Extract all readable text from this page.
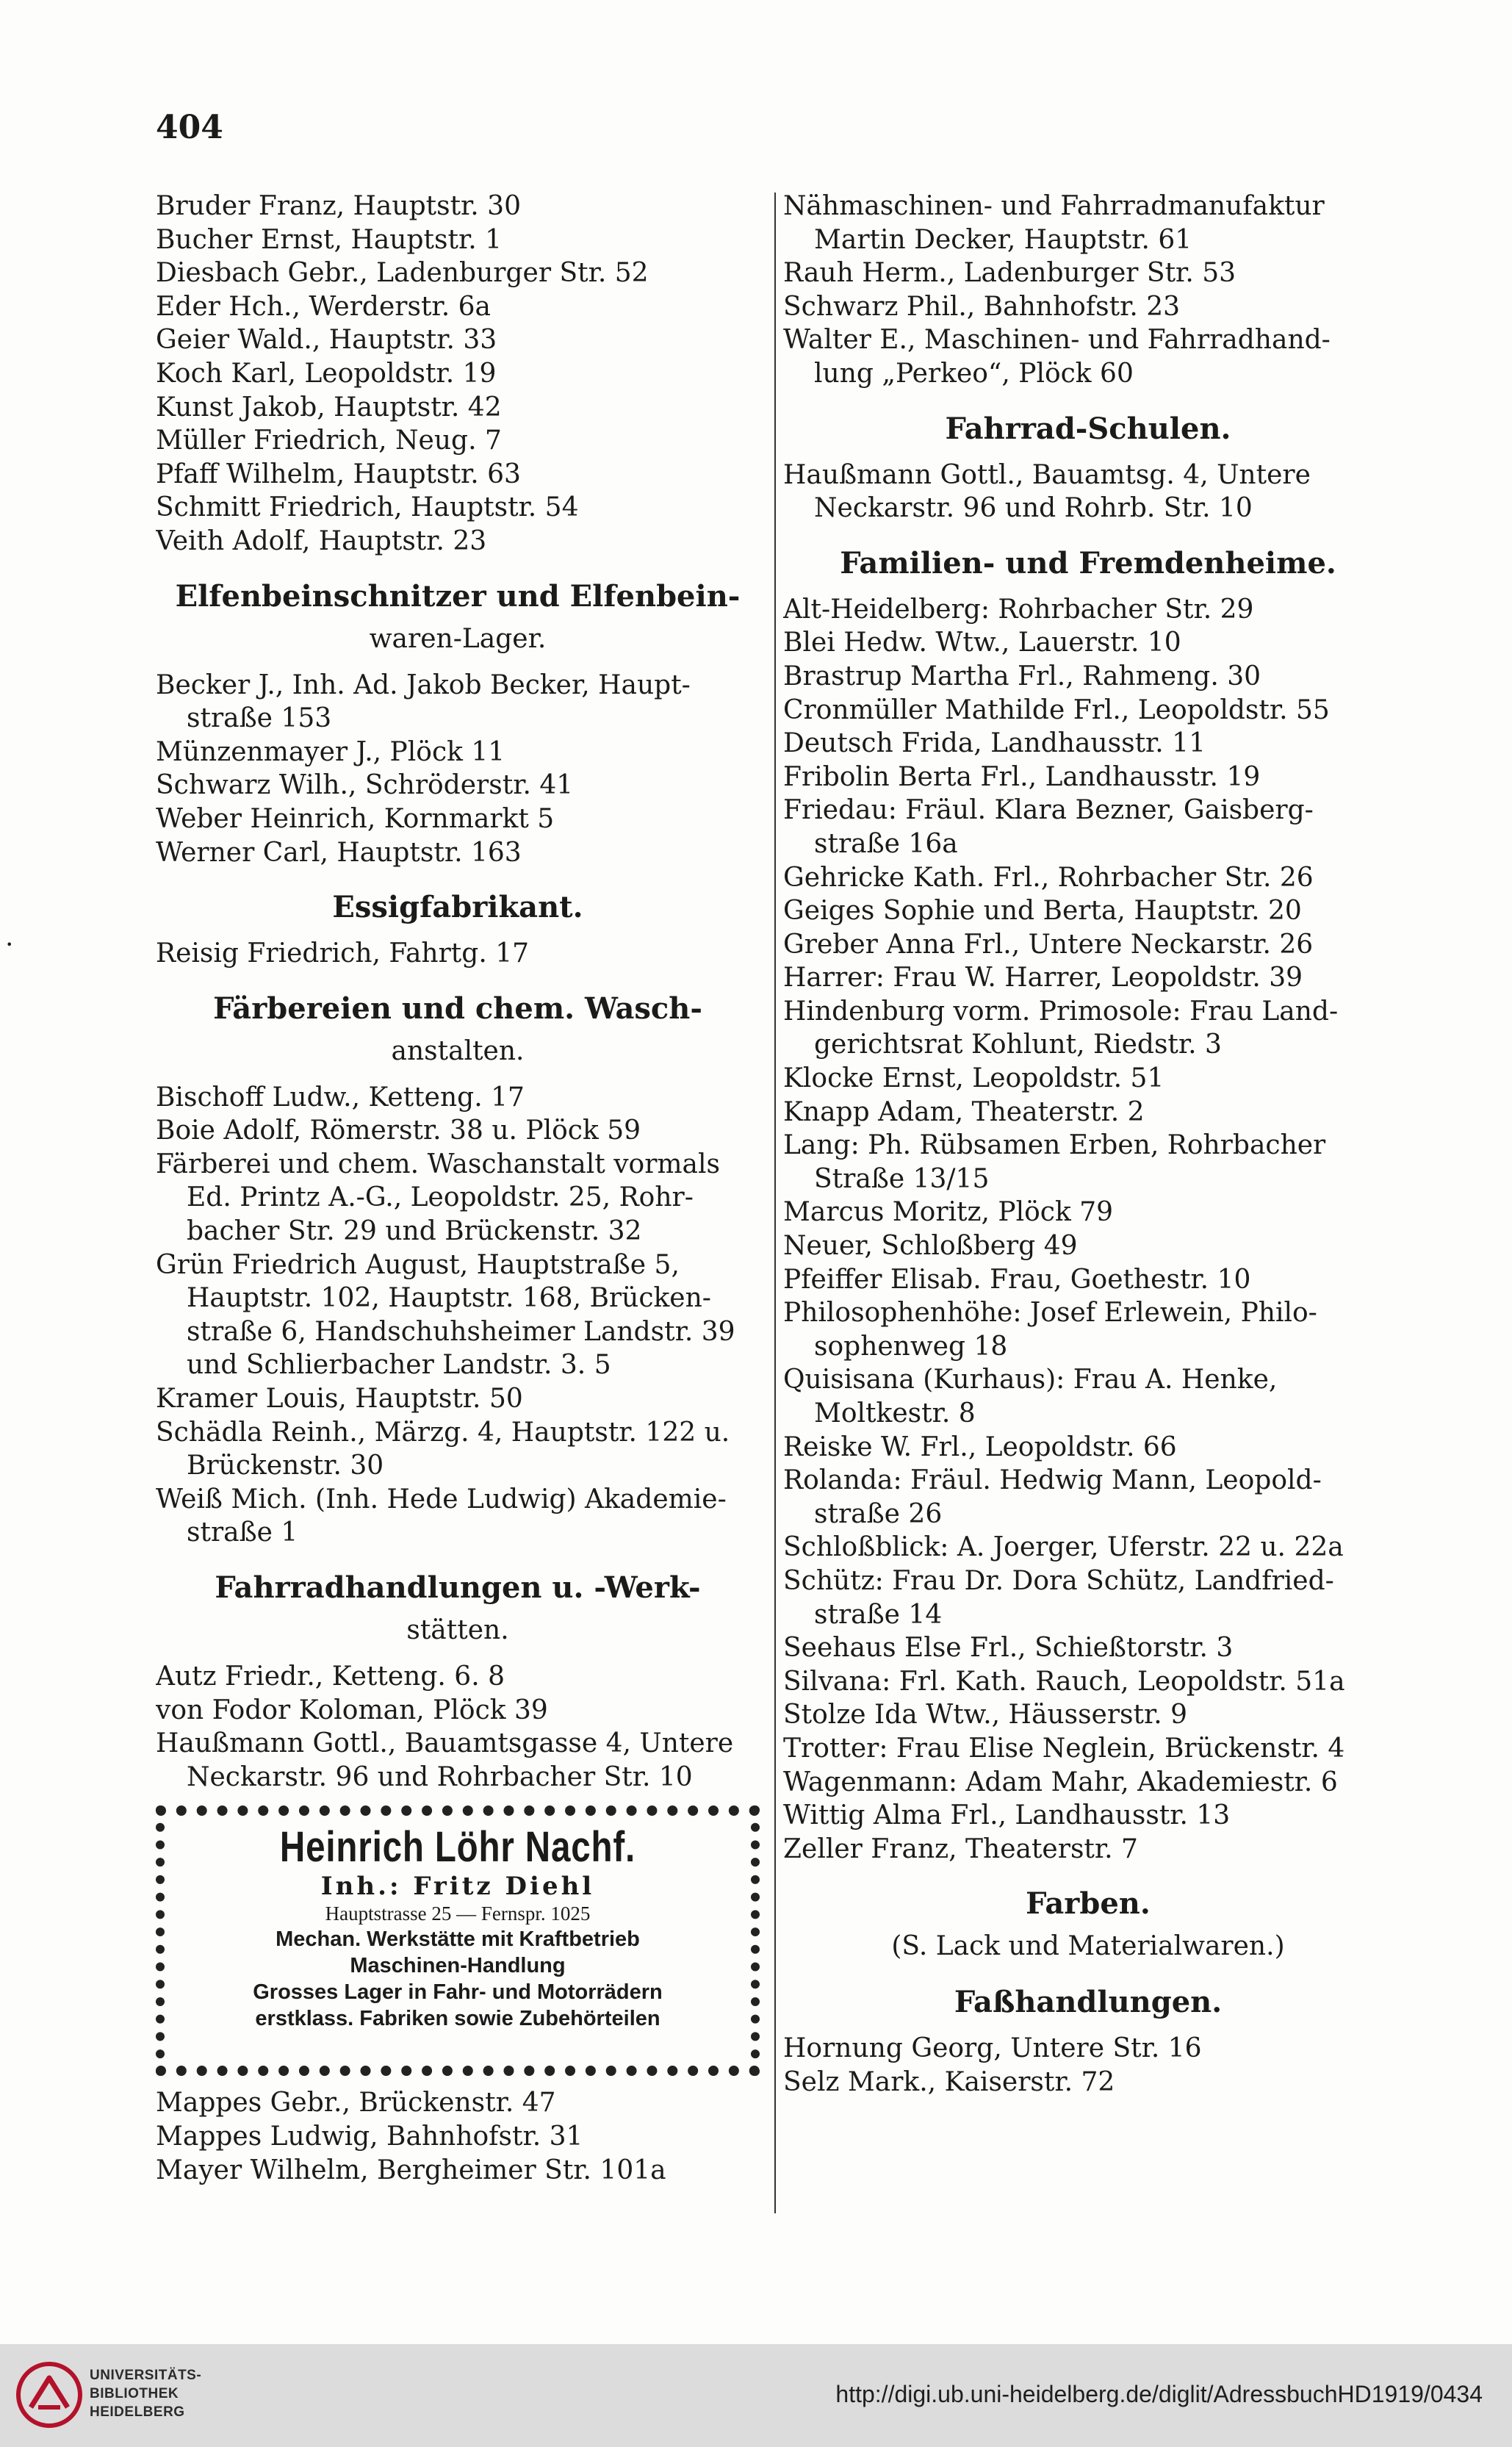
404
Bruder Franz, Hauptstr. 30
Bucher Ernst, Hauptstr. 1
Diesbach Gebr., Ladenburger Str. 52
Eder Hch., Werderstr. 6a
Geier Wald., Hauptstr. 33
Koch Karl, Leopoldstr. 19
Kunst Jakob, Hauptstr. 42
Müller Friedrich, Neug. 7
Pfaff Wilhelm, Hauptstr. 63
Schmitt Friedrich, Hauptstr. 54
Veith Adolf, Hauptstr. 23
Elfenbeinschnitzer und Elfenbein-
waren-Lager.
Becker J., Inh. Ad. Jakob Becker, Haupt-
straße 153
Münzenmayer J., Plöck 11
Schwarz Wilh., Schröderstr. 41
Weber Heinrich, Kornmarkt 5
Werner Carl, Hauptstr. 163
Essigfabrikant.
Reisig Friedrich, Fahrtg. 17
Färbereien und chem. Wasch-
anstalten.
Bischoff Ludw., Ketteng. 17
Boie Adolf, Römerstr. 38 u. Plöck 59
Färberei und chem. Waschanstalt vormals
Ed. Printz A.-G., Leopoldstr. 25, Rohr-
bacher Str. 29 und Brückenstr. 32
Grün Friedrich August, Hauptstraße 5,
Hauptstr. 102, Hauptstr. 168, Brücken-
straße 6, Handschuhsheimer Landstr. 39
und Schlierbacher Landstr. 3. 5
Kramer Louis, Hauptstr. 50
Schädla Reinh., Märzg. 4, Hauptstr. 122 u.
Brückenstr. 30
Weiß Mich. (Inh. Hede Ludwig) Akademie-
straße 1
Fahrradhandlungen u. -Werk-
stätten.
Autz Friedr., Ketteng. 6. 8
von Fodor Koloman, Plöck 39
Haußmann Gottl., Bauamtsgasse 4, Untere
Neckarstr. 96 und Rohrbacher Str. 10
Heinrich Löhr Nachf.
Inh.: Fritz Diehl
Hauptstrasse 25 — Fernspr. 1025
Mechan. Werkstätte mit Kraftbetrieb
Maschinen-Handlung
Grosses Lager in Fahr- und Motorrädern
erstklass. Fabriken sowie Zubehörteilen
Mappes Gebr., Brückenstr. 47
Mappes Ludwig, Bahnhofstr. 31
Mayer Wilhelm, Bergheimer Str. 101a
Nähmaschinen- und Fahrradmanufaktur
Martin Decker, Hauptstr. 61
Rauh Herm., Ladenburger Str. 53
Schwarz Phil., Bahnhofstr. 23
Walter E., Maschinen- und Fahrradhand-
lung „Perkeo“, Plöck 60
Fahrrad-Schulen.
Haußmann Gottl., Bauamtsg. 4, Untere
Neckarstr. 96 und Rohrb. Str. 10
Familien- und Fremdenheime.
Alt-Heidelberg: Rohrbacher Str. 29
Blei Hedw. Wtw., Lauerstr. 10
Brastrup Martha Frl., Rahmeng. 30
Cronmüller Mathilde Frl., Leopoldstr. 55
Deutsch Frida, Landhausstr. 11
Fribolin Berta Frl., Landhausstr. 19
Friedau: Fräul. Klara Bezner, Gaisberg-
straße 16a
Gehricke Kath. Frl., Rohrbacher Str. 26
Geiges Sophie und Berta, Hauptstr. 20
Greber Anna Frl., Untere Neckarstr. 26
Harrer: Frau W. Harrer, Leopoldstr. 39
Hindenburg vorm. Primosole: Frau Land-
gerichtsrat Kohlunt, Riedstr. 3
Klocke Ernst, Leopoldstr. 51
Knapp Adam, Theaterstr. 2
Lang: Ph. Rübsamen Erben, Rohrbacher
Straße 13/15
Marcus Moritz, Plöck 79
Neuer, Schloßberg 49
Pfeiffer Elisab. Frau, Goethestr. 10
Philosophenhöhe: Josef Erlewein, Philo-
sophenweg 18
Quisisana (Kurhaus): Frau A. Henke,
Moltkestr. 8
Reiske W. Frl., Leopoldstr. 66
Rolanda: Fräul. Hedwig Mann, Leopold-
straße 26
Schloßblick: A. Joerger, Uferstr. 22 u. 22a
Schütz: Frau Dr. Dora Schütz, Landfried-
straße 14
Seehaus Else Frl., Schießtorstr. 3
Silvana: Frl. Kath. Rauch, Leopoldstr. 51a
Stolze Ida Wtw., Häusserstr. 9
Trotter: Frau Elise Neglein, Brückenstr. 4
Wagenmann: Adam Mahr, Akademiestr. 6
Wittig Alma Frl., Landhausstr. 13
Zeller Franz, Theaterstr. 7
Farben.
(S. Lack und Materialwaren.)
Faßhandlungen.
Hornung Georg, Untere Str. 16
Selz Mark., Kaiserstr. 72
•
UNIVERSITÄTS-
BIBLIOTHEK
HEIDELBERG
http://digi.ub.uni-heidelberg.de/diglit/AdressbuchHD1919/0434
